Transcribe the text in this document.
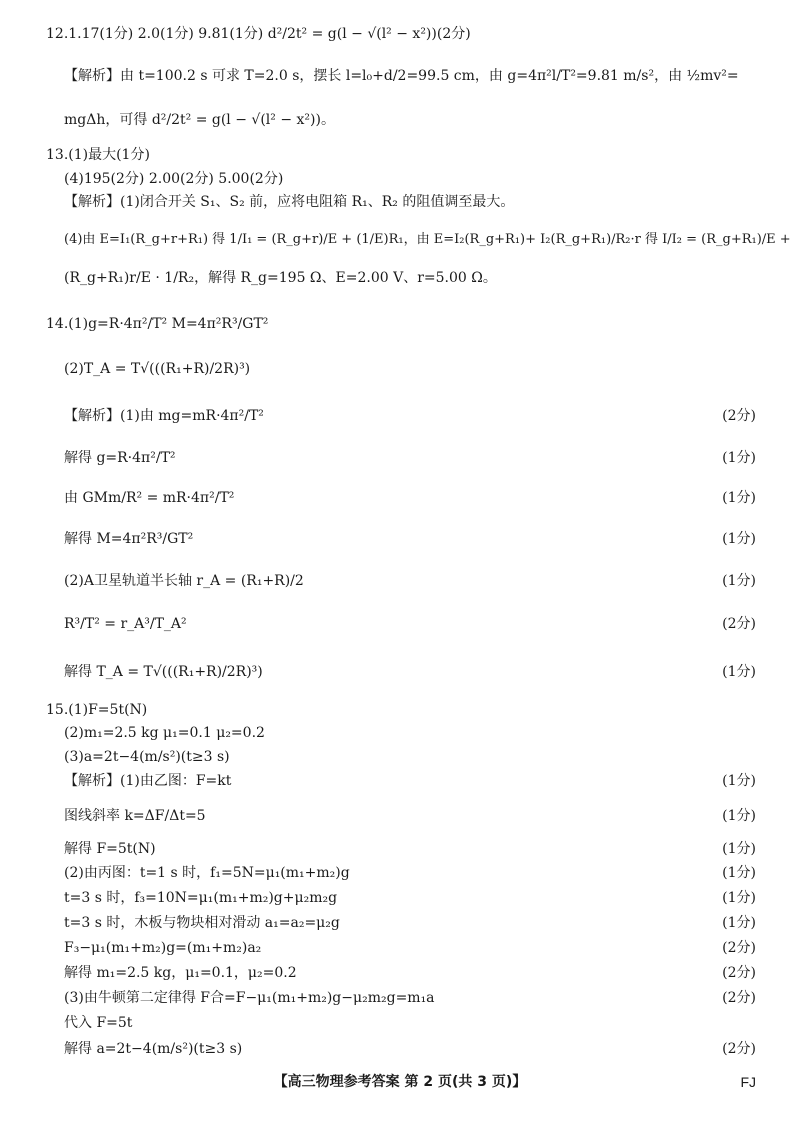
12.1.17(1分) 2.0(1分) 9.81(1分) d²/2t² = g(l − √(l² − x²))(2分)
【解析】由 t=100.2 s 可求 T=2.0 s，摆长 l=l₀+d/2=99.5 cm，由 g=4π²l/T²=9.81 m/s²，由 ½mv²=
mgΔh，可得 d²/2t² = g(l − √(l² − x²))。
13.(1)最大(1分)
(4)195(2分) 2.00(2分) 5.00(2分)
【解析】(1)闭合开关 S₁、S₂ 前，应将电阻箱 R₁、R₂ 的阻值调至最大。
(4)由 E=I₁(R_g+r+R₁) 得 1/I₁ = (R_g+r)/E + (1/E)R₁，由 E=I₂(R_g+R₁)+ I₂(R_g+R₁)/R₂·r 得 I/I₂ = (R_g+R₁)/E +
(R_g+R₁)r/E · 1/R₂，解得 R_g=195 Ω、E=2.00 V、r=5.00 Ω。
14.(1)g=R·4π²/T² M=4π²R³/GT²
(2)T_A = T√(((R₁+R)/2R)³)
【解析】(1)由 mg=mR·4π²/T²	(2分)
解得 g=R·4π²/T²	(1分)
由 GMm/R² = mR·4π²/T²	(1分)
解得 M=4π²R³/GT²	(1分)
(2)A卫星轨道半长轴 r_A = (R₁+R)/2	(1分)
R³/T² = r_A³/T_A²	(2分)
解得 T_A = T√(((R₁+R)/2R)³)	(1分)
15.(1)F=5t(N)
(2)m₁=2.5 kg μ₁=0.1 μ₂=0.2
(3)a=2t−4(m/s²)(t≥3 s)
【解析】(1)由乙图：F=kt	(1分)
图线斜率 k=ΔF/Δt=5	(1分)
解得 F=5t(N)	(1分)
(2)由丙图：t=1 s 时，f₁=5N=μ₁(m₁+m₂)g	(1分)
t=3 s 时，f₃=10N=μ₁(m₁+m₂)g+μ₂m₂g	(1分)
t=3 s 时，木板与物块相对滑动 a₁=a₂=μ₂g	(1分)
F₃−μ₁(m₁+m₂)g=(m₁+m₂)a₂	(2分)
解得 m₁=2.5 kg，μ₁=0.1，μ₂=0.2	(2分)
(3)由牛顿第二定律得 F合=F−μ₁(m₁+m₂)g−μ₂m₂g=m₁a	(2分)
代入 F=5t
解得 a=2t−4(m/s²)(t≥3 s)	(2分)
【高三物理参考答案 第 2 页(共 3 页)】	FJ
